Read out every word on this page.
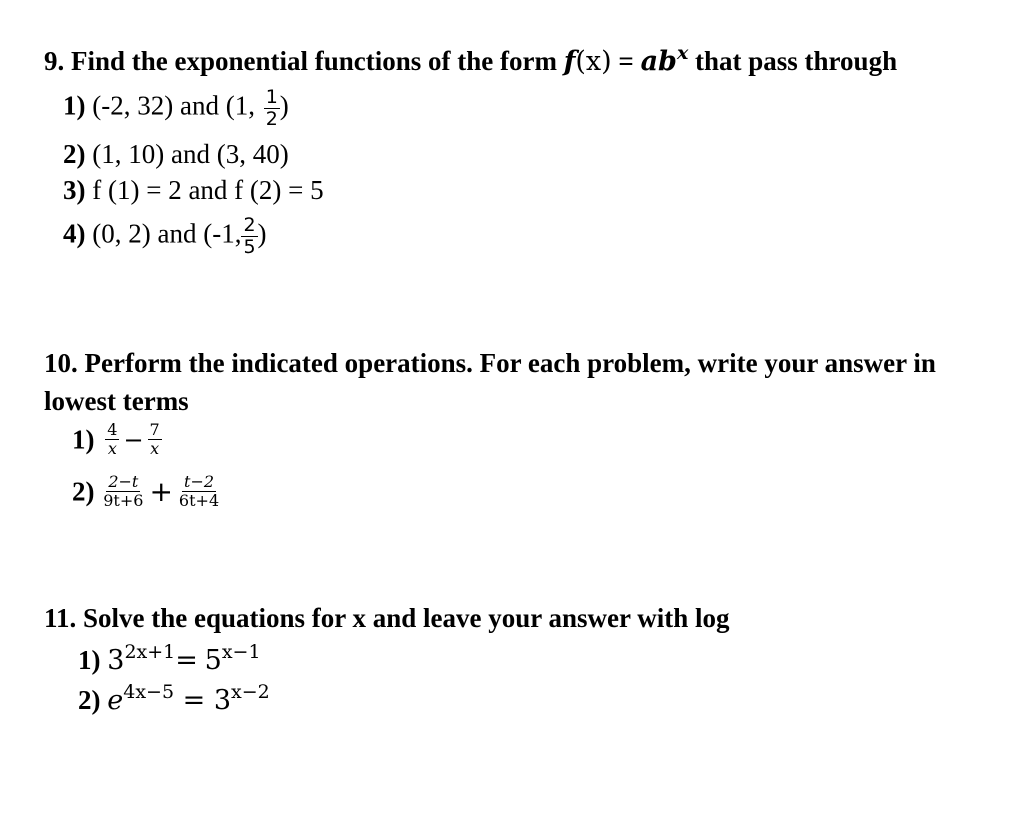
9. Find the exponential functions of the form $f(x) = ab^x$ that pass through
1) (-2, 32) and (1, $\frac{1}{2}$ )
2) (1, 10) and (3, 40)
3) f (1) = 2 and f (2) = 5
4) (0, 2) and (-1, $\frac{2}{5}$ )
10. Perform the indicated operations. For each problem, write your answer in
lowest terms
$1) \frac{4}{x} - \frac{7}{x}$
$2) \frac{2-t}{9t+6} + \frac{t-2}{6t+4}$
11. Solve the equations for x and leave your answer with log
1) $3^{2x+1}= 5^{x-1}$
2) $e^{4x-5} = 3^{x-2}$
